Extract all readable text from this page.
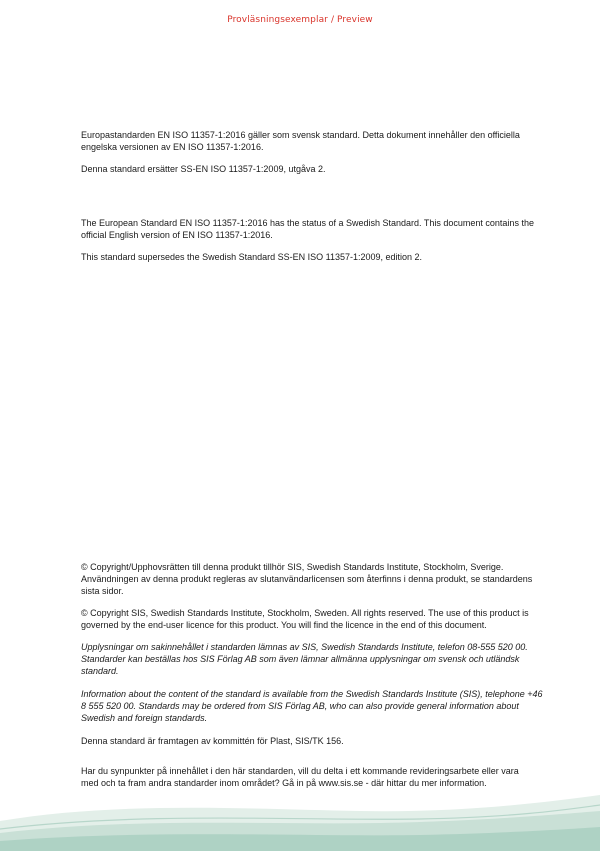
Provläsningsexemplar / Preview

Europastandarden EN ISO 11357-1:2016 gäller som svensk standard. Detta dokument innehåller den officiella engelska versionen av EN ISO 11357-1:2016.

Denna standard ersätter SS-EN ISO 11357-1:2009, utgåva 2.

The European Standard EN ISO 11357-1:2016 has the status of a Swedish Standard. This document contains the official English version of EN ISO 11357-1:2016.

This standard supersedes the Swedish Standard SS-EN ISO 11357-1:2009, edition 2.

© Copyright/Upphovsrätten till denna produkt tillhör SIS, Swedish Standards Institute, Stockholm, Sverige. Användningen av denna produkt regleras av slutanvändarlicensen som återfinns i denna produkt, se standardens sista sidor.

© Copyright SIS, Swedish Standards Institute, Stockholm, Sweden. All rights reserved. The use of this product is governed by the end-user licence for this product. You will find the licence in the end of this document.

Upplysningar om sakinnehållet i standarden lämnas av SIS, Swedish Standards Institute, telefon 08-555 520 00. Standarder kan beställas hos SIS Förlag AB som även lämnar allmänna upplysningar om svensk och utländsk standard.

Information about the content of the standard is available from the Swedish Standards Institute (SIS), telephone +46 8 555 520 00. Standards may be ordered from SIS Förlag AB, who can also provide general information about Swedish and foreign standards.

Denna standard är framtagen av kommittén för Plast, SIS/TK 156.

Har du synpunkter på innehållet i den här standarden, vill du delta i ett kommande revideringsarbete eller vara med och ta fram andra standarder inom området? Gå in på www.sis.se - där hittar du mer information.
